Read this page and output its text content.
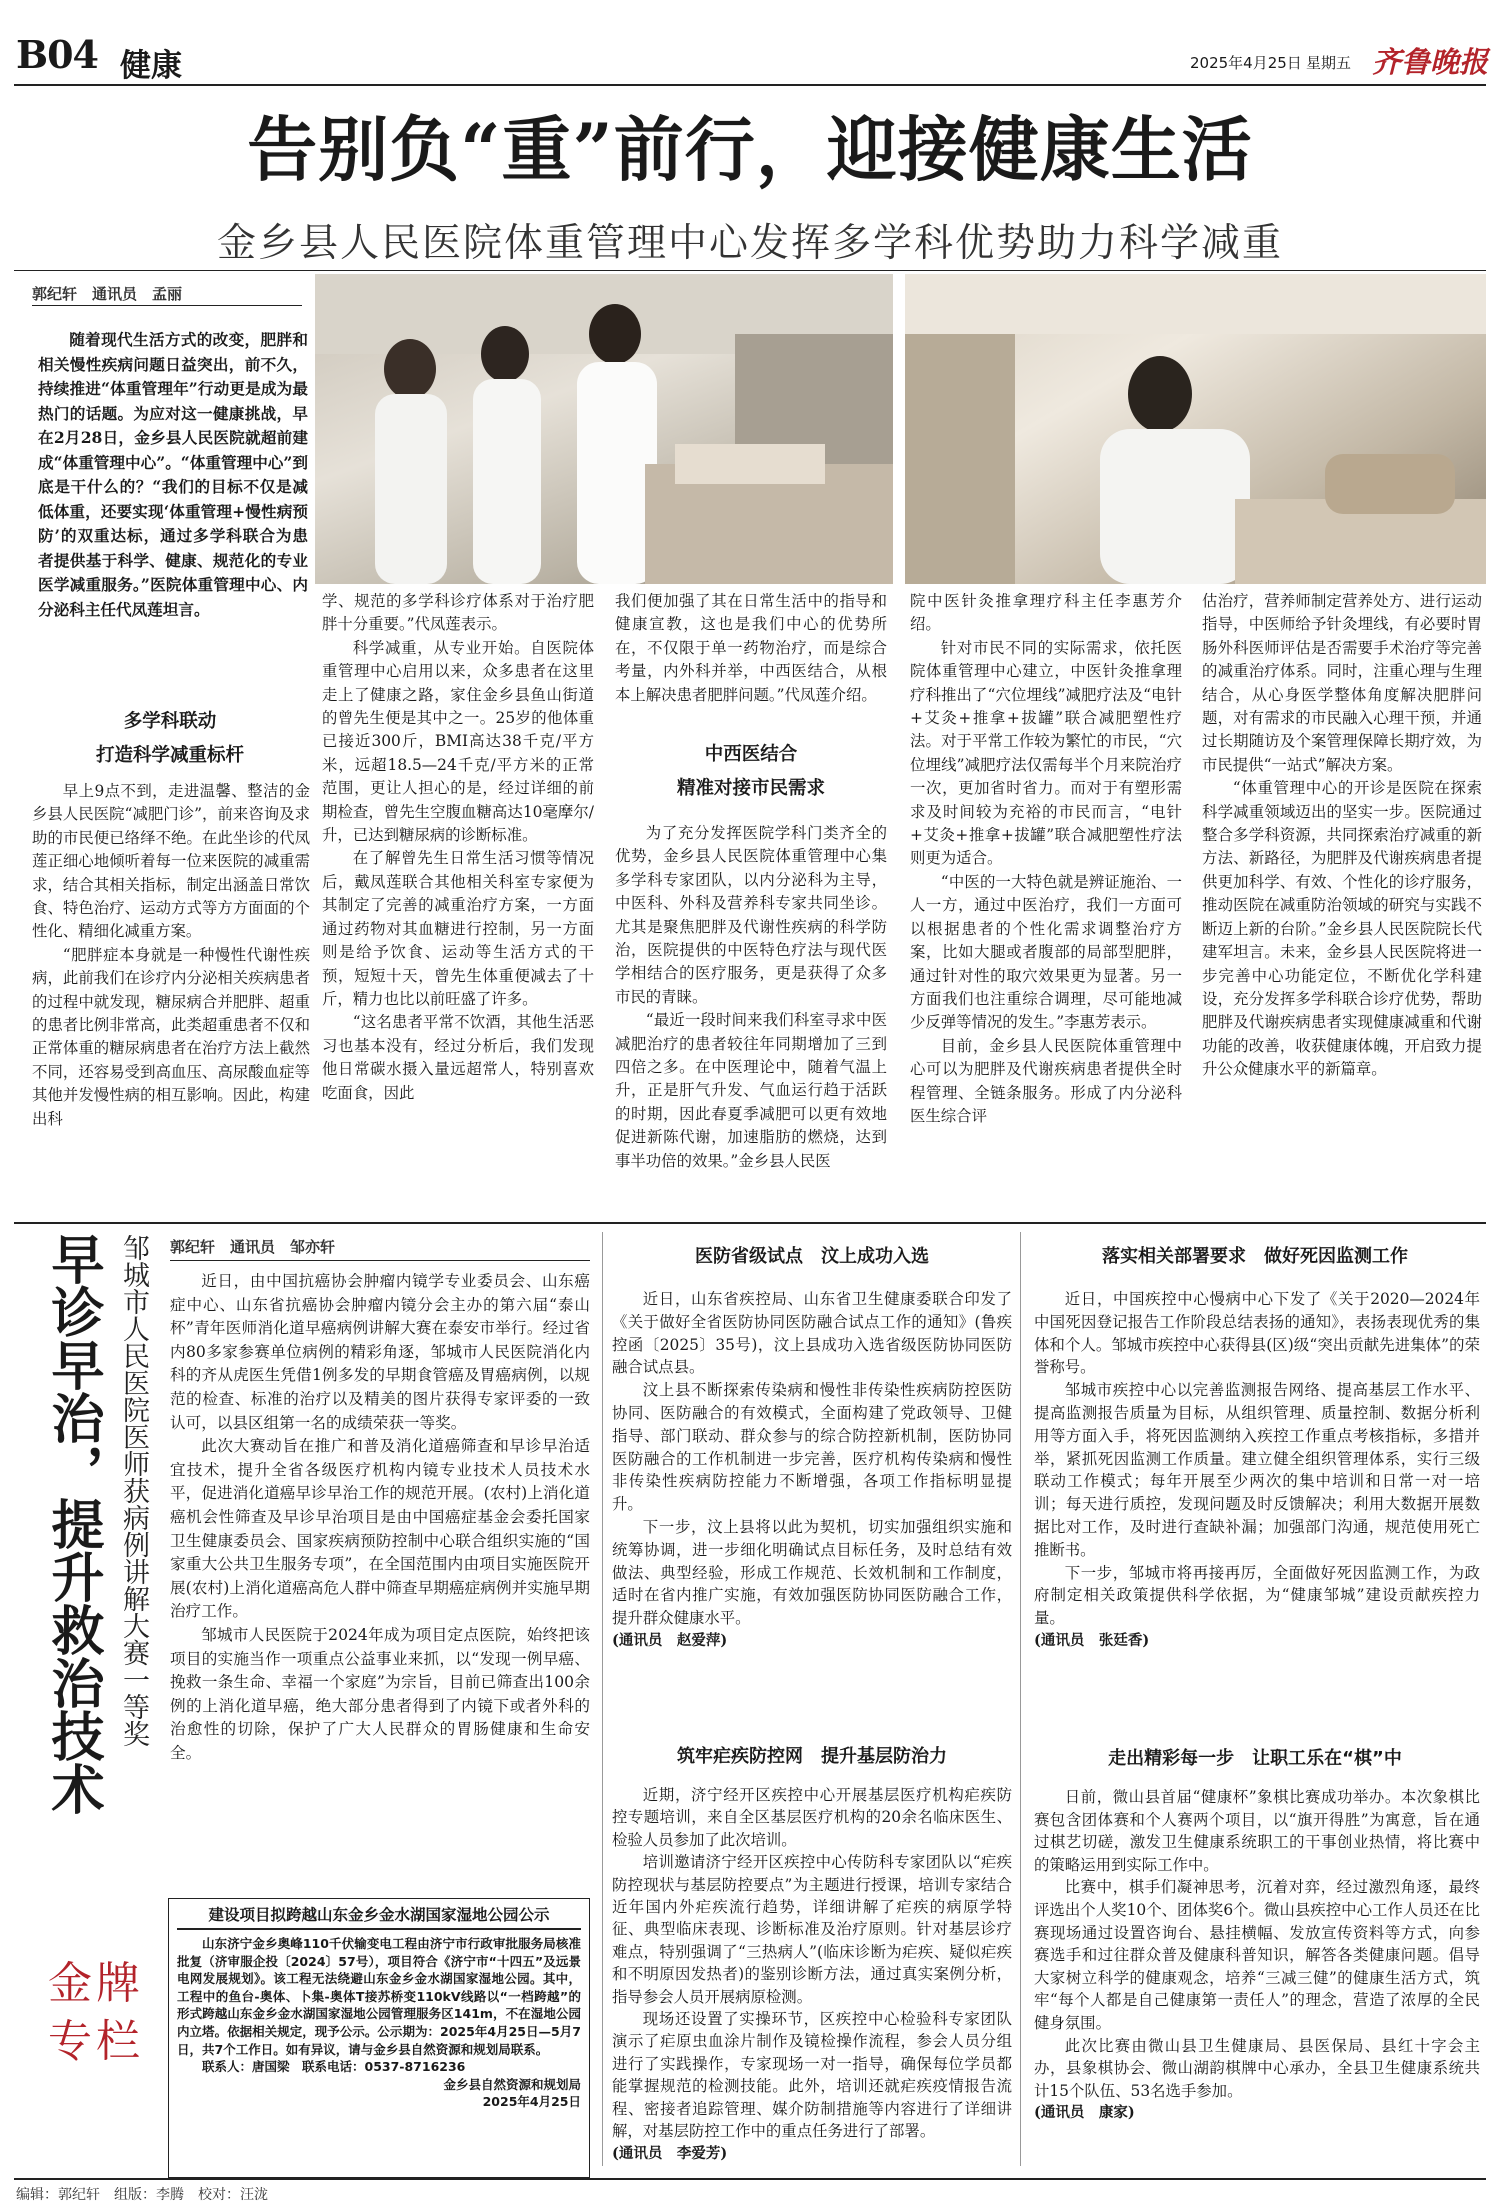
B04 健康	2025年4月25日 星期五 齐鲁晚报
告别负“重”前行，迎接健康生活
金乡县人民医院体重管理中心发挥多学科优势助力科学减重
郭纪轩　通讯员　孟丽

随着现代生活方式的改变，肥胖和相关慢性疾病问题日益突出，前不久，持续推进“体重管理年”行动更是成为最热门的话题。为应对这一健康挑战，早在2月28日，金乡县人民医院就超前建成“体重管理中心”。“体重管理中心”到底是干什么的？“我们的目标不仅是减低体重，还要实现‘体重管理+慢性病预防’的双重达标，通过多学科联合为患者提供基于科学、健康、规范化的专业医学减重服务。”医院体重管理中心、内分泌科主任代凤莲坦言。

多学科联动
打造科学减重标杆

早上9点不到，走进温馨、整洁的金乡县人民医院“减肥门诊”，前来咨询及求助的市民便已络绎不绝。在此坐诊的代凤莲正细心地倾听着每一位来医院的减重需求，结合其相关指标，制定出涵盖日常饮食、特色治疗、运动方式等方方面面的个性化、精细化减重方案。

“肥胖症本身就是一种慢性代谢性疾病，此前我们在诊疗内分泌相关疾病患者的过程中就发现，糖尿病合并肥胖、超重的患者比例非常高，此类超重患者不仅和正常体重的糖尿病患者在治疗方法上截然不同，还容易受到高血压、高尿酸血症等其他并发慢性病的相互影响。因此，构建出科

学、规范的多学科诊疗体系对于治疗肥胖十分重要。”代凤莲表示。

科学减重，从专业开始。自医院体重管理中心启用以来，众多患者在这里走上了健康之路，家住金乡县鱼山街道的曾先生便是其中之一。25岁的他体重已接近300斤，BMI高达38千克/平方米，远超18.5—24千克/平方米的正常范围，更让人担心的是，经过详细的前期检查，曾先生空腹血糖高达10毫摩尔/升，已达到糖尿病的诊断标准。

在了解曾先生日常生活习惯等情况后，戴凤莲联合其他相关科室专家便为其制定了完善的减重治疗方案，一方面通过药物对其血糖进行控制，另一方面则是给予饮食、运动等生活方式的干预，短短十天，曾先生体重便减去了十斤，精力也比以前旺盛了许多。

“这名患者平常不饮酒，其他生活恶习也基本没有，经过分析后，我们发现他日常碳水摄入量远超常人，特别喜欢吃面食，因此

我们便加强了其在日常生活中的指导和健康宣教，这也是我们中心的优势所在，不仅限于单一药物治疗，而是综合考量，内外科并举，中西医结合，从根本上解决患者肥胖问题。”代凤莲介绍。

中西医结合
精准对接市民需求

为了充分发挥医院学科门类齐全的优势，金乡县人民医院体重管理中心集多学科专家团队，以内分泌科为主导，中医科、外科及营养科专家共同坐诊。尤其是聚焦肥胖及代谢性疾病的科学防治，医院提供的中医特色疗法与现代医学相结合的医疗服务，更是获得了众多市民的青睐。

“最近一段时间来我们科室寻求中医减肥治疗的患者较往年同期增加了三到四倍之多。在中医理论中，随着气温上升，正是肝气升发、气血运行趋于活跃的时期，因此春夏季减肥可以更有效地促进新陈代谢，加速脂肪的燃烧，达到事半功倍的效果。”金乡县人民医

院中医针灸推拿理疗科主任李惠芳介绍。

针对市民不同的实际需求，依托医院体重管理中心建立，中医针灸推拿理疗科推出了“穴位埋线”减肥疗法及“电针+艾灸+推拿+拔罐”联合减肥塑性疗法。对于平常工作较为繁忙的市民，“穴位埋线”减肥疗法仅需每半个月来院治疗一次，更加省时省力。而对于有塑形需求及时间较为充裕的市民而言，“电针+艾灸+推拿+拔罐”联合减肥塑性疗法则更为适合。

“中医的一大特色就是辨证施治、一人一方，通过中医治疗，我们一方面可以根据患者的个性化需求调整治疗方案，比如大腿或者腹部的局部型肥胖，通过针对性的取穴效果更为显著。另一方面我们也注重综合调理，尽可能地减少反弹等情况的发生。”李惠芳表示。

目前，金乡县人民医院体重管理中心可以为肥胖及代谢疾病患者提供全时程管理、全链条服务。形成了内分泌科医生综合评

估治疗，营养师制定营养处方、进行运动指导，中医师给予针灸埋线，有必要时胃肠外科医师评估是否需要手术治疗等完善的减重治疗体系。同时，注重心理与生理结合，从心身医学整体角度解决肥胖问题，对有需求的市民融入心理干预，并通过长期随访及个案管理保障长期疗效，为市民提供“一站式”解决方案。

“体重管理中心的开诊是医院在探索科学减重领域迈出的坚实一步。医院通过整合多学科资源，共同探索治疗减重的新方法、新路径，为肥胖及代谢疾病患者提供更加科学、有效、个性化的诊疗服务，推动医院在减重防治领域的研究与实践不断迈上新的台阶。”金乡县人民医院院长代建军坦言。未来，金乡县人民医院将进一步完善中心功能定位，不断优化学科建设，充分发挥多学科联合诊疗优势，帮助肥胖及代谢疾病患者实现健康减重和代谢功能的改善，收获健康体魄，开启致力提升公众健康水平的新篇章。

早诊早治，提升救治技术 邹城市人民医院医师获病例讲解大赛一等奖 郭纪轩　通讯员　邹亦轩

近日，由中国抗癌协会肿瘤内镜学专业委员会、山东癌症中心、山东省抗癌协会肿瘤内镜分会主办的第六届“泰山杯”青年医师消化道早癌病例讲解大赛在泰安市举行。经过省内80多家参赛单位病例的精彩角逐，邹城市人民医院消化内科的齐从虎医生凭借1例多发的早期食管癌及胃癌病例，以规范的检查、标准的治疗以及精美的图片获得专家评委的一致认可，以县区组第一名的成绩荣获一等奖。

此次大赛动旨在推广和普及消化道癌筛查和早诊早治适宜技术，提升全省各级医疗机构内镜专业技术人员技术水平，促进消化道癌早诊早治工作的规范开展。(农村)上消化道癌机会性筛查及早诊早治项目是由中国癌症基金会委托国家卫生健康委员会、国家疾病预防控制中心联合组织实施的“国家重大公共卫生服务专项”，在全国范围内由项目实施医院开展(农村)上消化道癌高危人群中筛查早期癌症病例并实施早期治疗工作。

邹城市人民医院于2024年成为项目定点医院，始终把该项目的实施当作一项重点公益事业来抓，以“发现一例早癌、挽救一条生命、幸福一个家庭”为宗旨，目前已筛查出100余例的上消化道早癌，绝大部分患者得到了内镜下或者外科的治愈性的切除，保护了广大人民群众的胃肠健康和生命安全。

建设项目拟跨越山东金乡金水湖国家湿地公园公示
山东济宁金乡奥峰110千伏输变电工程由济宁市行政审批服务局核准批复（济审服企投〔2024〕57号），项目符合《济宁市“十四五”及远景电网发展规划》。该工程无法绕避山东金乡金水湖国家湿地公园。其中，工程中的鱼台-奥体、卜集-奥体T接苏桥变110kV线路以“一档跨越”的形式跨越山东金乡金水湖国家湿地公园管理服务区141m，不在湿地公园内立塔。依据相关规定，现予公示。公示期为：2025年4月25日—5月7日，共7个工作日。如有异议，请与金乡县自然资源和规划局联系。
联系人：唐国梁　联系电话：0537-8716236
金乡县自然资源和规划局
2025年4月25日
金牌专栏
医防省级试点　汶上成功入选

近日，山东省疾控局、山东省卫生健康委联合印发了《关于做好全省医防协同医防融合试点工作的通知》(鲁疾控函〔2025〕35号)，汶上县成功入选省级医防协同医防融合试点县。

汶上县不断探索传染病和慢性非传染性疾病防控医防协同、医防融合的有效模式，全面构建了党政领导、卫健指导、部门联动、群众参与的综合防控新机制，医防协同医防融合的工作机制进一步完善，医疗机构传染病和慢性非传染性疾病防控能力不断增强，各项工作指标明显提升。

下一步，汶上县将以此为契机，切实加强组织实施和统筹协调，进一步细化明确试点目标任务，及时总结有效做法、典型经验，形成工作规范、长效机制和工作制度，适时在省内推广实施，有效加强医防协同医防融合工作，提升群众健康水平。

(通讯员　赵爱萍)

筑牢疟疾防控网　提升基层防治力

近期，济宁经开区疾控中心开展基层医疗机构疟疾防控专题培训，来自全区基层医疗机构的20余名临床医生、检验人员参加了此次培训。

培训邀请济宁经开区疾控中心传防科专家团队以“疟疾防控现状与基层防控要点”为主题进行授课，培训专家结合近年国内外疟疾流行趋势，详细讲解了疟疾的病原学特征、典型临床表现、诊断标准及治疗原则。针对基层诊疗难点，特别强调了“三热病人”(临床诊断为疟疾、疑似疟疾和不明原因发热者)的鉴别诊断方法，通过真实案例分析，指导参会人员开展病原检测。

现场还设置了实操环节，区疾控中心检验科专家团队演示了疟原虫血涂片制作及镜检操作流程，参会人员分组进行了实践操作，专家现场一对一指导，确保每位学员都能掌握规范的检测技能。此外，培训还就疟疾疫情报告流程、密接者追踪管理、媒介防制措施等内容进行了详细讲解，对基层防控工作中的重点任务进行了部署。

(通讯员　李爱芳)

落实相关部署要求　做好死因监测工作

近日，中国疾控中心慢病中心下发了《关于2020—2024年中国死因登记报告工作阶段总结表扬的通知》，表扬表现优秀的集体和个人。邹城市疾控中心获得县(区)级“突出贡献先进集体”的荣誉称号。

邹城市疾控中心以完善监测报告网络、提高基层工作水平、提高监测报告质量为目标，从组织管理、质量控制、数据分析利用等方面入手，将死因监测纳入疾控工作重点考核指标，多措并举，紧抓死因监测工作质量。建立健全组织管理体系，实行三级联动工作模式；每年开展至少两次的集中培训和日常一对一培训；每天进行质控，发现问题及时反馈解决；利用大数据开展数据比对工作，及时进行查缺补漏；加强部门沟通，规范使用死亡推断书。

下一步，邹城市将再接再厉，全面做好死因监测工作，为政府制定相关政策提供科学依据，为“健康邹城”建设贡献疾控力量。

(通讯员　张廷香)

走出精彩每一步　让职工乐在“棋”中

日前，微山县首届“健康杯”象棋比赛成功举办。本次象棋比赛包含团体赛和个人赛两个项目，以“旗开得胜”为寓意，旨在通过棋艺切磋，激发卫生健康系统职工的干事创业热情，将比赛中的策略运用到实际工作中。

比赛中，棋手们凝神思考，沉着对弈，经过激烈角逐，最终评选出个人奖10个、团体奖6个。微山县疾控中心工作人员还在比赛现场通过设置咨询台、悬挂横幅、发放宣传资料等方式，向参赛选手和过往群众普及健康科普知识，解答各类健康问题。倡导大家树立科学的健康观念，培养“三减三健”的健康生活方式，筑牢“每个人都是自己健康第一责任人”的理念，营造了浓厚的全民健身氛围。

此次比赛由微山县卫生健康局、县医保局、县红十字会主办，县象棋协会、微山湖韵棋牌中心承办，全县卫生健康系统共计15个队伍、53名选手参加。

(通讯员　康家)

编辑：郭纪轩　组版：李腾　校对：汪泷
